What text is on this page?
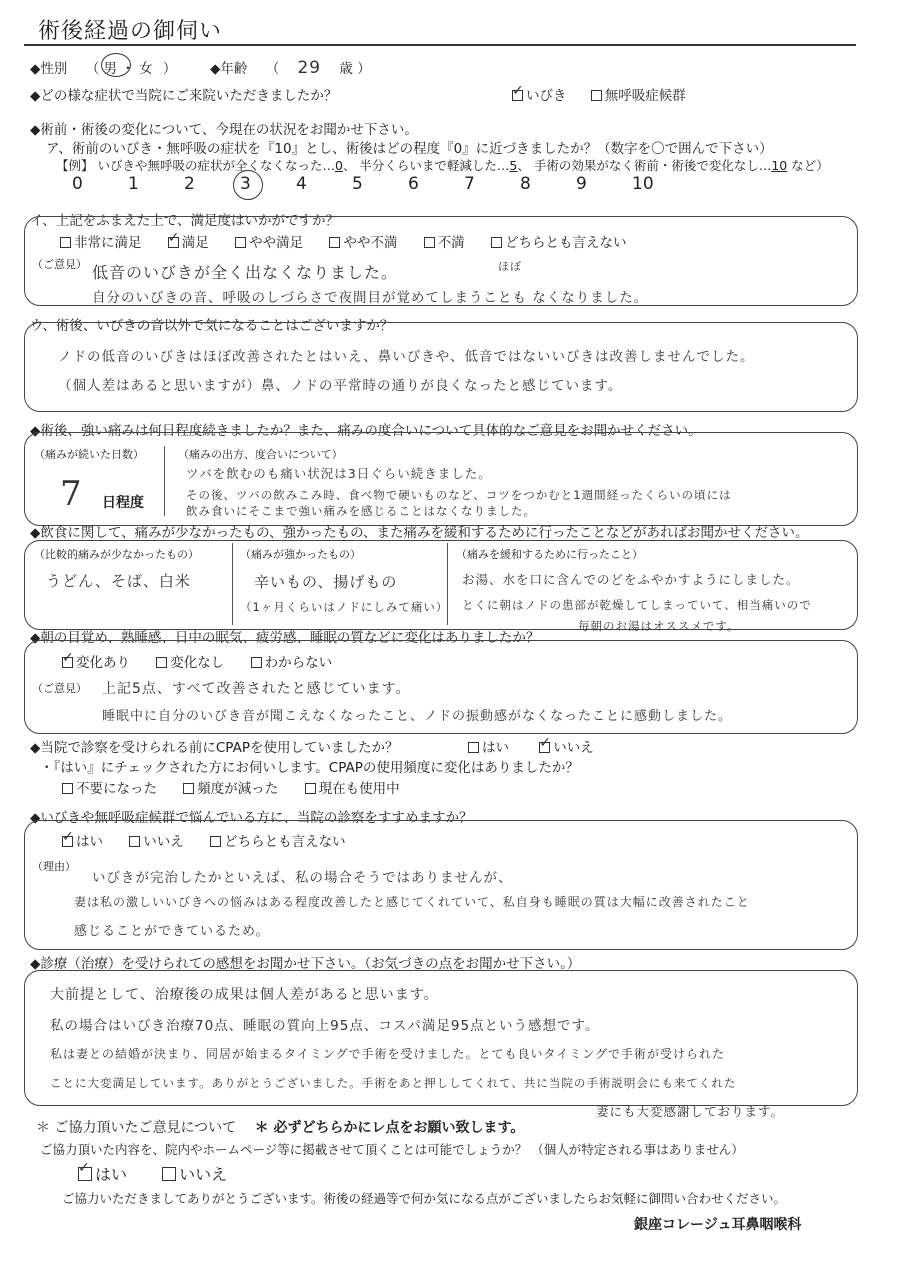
術後経過の御伺い
◆性別 （ 男 ・ 女 ） ◆年齢 （ 29 歳 ）
◆どの様な症状で当院にご来院いただきましたか？ ✓	いびき	無呼吸症候群
◆術前・術後の変化について、今現在の状況をお聞かせ下さい。
ア、術前のいびき・無呼吸の症状を『10』とし、術後はどの程度『0』に近づきましたか？（数字を〇で囲んで下さい）
【例】 いびきや無呼吸の症状が全くなくなった…0、 半分くらいまで軽減した…5、 手術の効果がなく術前・術後で変化なし…10 など）
0	1	2	3	4	5	6	7	8	9	10
イ、上記をふまえた上で、満足度はいかがですか？
非常に満足 ✓	満足	やや満足	やや不満	不満	どちらとも言えない
（ご意見） 低音のいびきが全く出なくなりました。	ほぼ
自分のいびきの音、呼吸のしづらさで夜間目が覚めてしまうことも なくなりました。
ウ、術後、いびきの音以外で気になることはございますか？
ノドの低音のいびきはほぼ改善されたとはいえ、鼻いびきや、低音ではないいびきは改善しませんでした。
（個人差はあると思いますが）鼻、ノドの平常時の通りが良くなったと感じています。
◆術後、強い痛みは何日程度続きましたか？また、痛みの度合いについて具体的なご意見をお聞かせください。
（痛みが続いた日数）
7 日程度
（痛みの出方、度合いについて）
ツバを飲むのも痛い状況は3日ぐらい続きました。
その後、ツバの飲みこみ時、食べ物で硬いものなど、コツをつかむと1週間経ったくらいの頃には
飲み食いにそこまで強い痛みを感じることはなくなりました。
◆飲食に関して、痛みが少なかったもの、強かったもの、また痛みを緩和するために行ったことなどがあればお聞かせください。
（比較的痛みが少なかったもの）
うどん、そば、白米
（痛みが強かったもの）
辛いもの、揚げもの
（1ヶ月くらいはノドにしみて痛い）
（痛みを緩和するために行ったこと）
お湯、水を口に含んでのどをふやかすようにしました。
とくに朝はノドの患部が乾燥してしまっていて、相当痛いので
毎朝のお湯はオススメです。
◆朝の目覚め、熟睡感、日中の眠気、疲労感、睡眠の質などに変化はありましたか？
✓変化あり	変化なし	わからない
（ご意見） 上記5点、すべて改善されたと感じています。
睡眠中に自分のいびき音が聞こえなくなったこと、ノドの振動感がなくなったことに感動しました。
◆当院で診察を受けられる前にCPAPを使用していましたか？	はい ✓	いいえ
・『はい』にチェックされた方にお伺いします。CPAPの使用頻度に変化はありましたか？
不要になった	頻度が減った	現在も使用中
◆いびきや無呼吸症候群で悩んでいる方に、当院の診察をすすめますか？
✓はい	いいえ	どちらとも言えない
（理由）
いびきが完治したかといえば、私の場合そうではありませんが、
妻は私の激しいいびきへの悩みはある程度改善したと感じてくれていて、私自身も睡眠の質は大幅に改善されたこと
感じることができているため。
◆診療（治療）を受けられての感想をお聞かせ下さい。（お気づきの点をお聞かせ下さい。）
大前提として、治療後の成果は個人差があると思います。
私の場合はいびき治療70点、睡眠の質向上95点、コスパ満足95点という感想です。
私は妻との結婚が決まり、同居が始まるタイミングで手術を受けました。とても良いタイミングで手術が受けられた
ことに大変満足しています。ありがとうございました。手術をあと押ししてくれて、共に当院の手術説明会にも来てくれた
妻にも大変感謝しております。
＊ ご協力頂いたご意見について ＊ 必ずどちらかにレ点をお願い致します。
ご協力頂いた内容を、院内やホームページ等に掲載させて頂くことは可能でしょうか？ （個人が特定される事はありません）
✓はい	いいえ
ご協力いただきましてありがとうございます。術後の経過等で何か気になる点がございましたらお気軽に御問い合わせください。
銀座コレージュ耳鼻咽喉科
